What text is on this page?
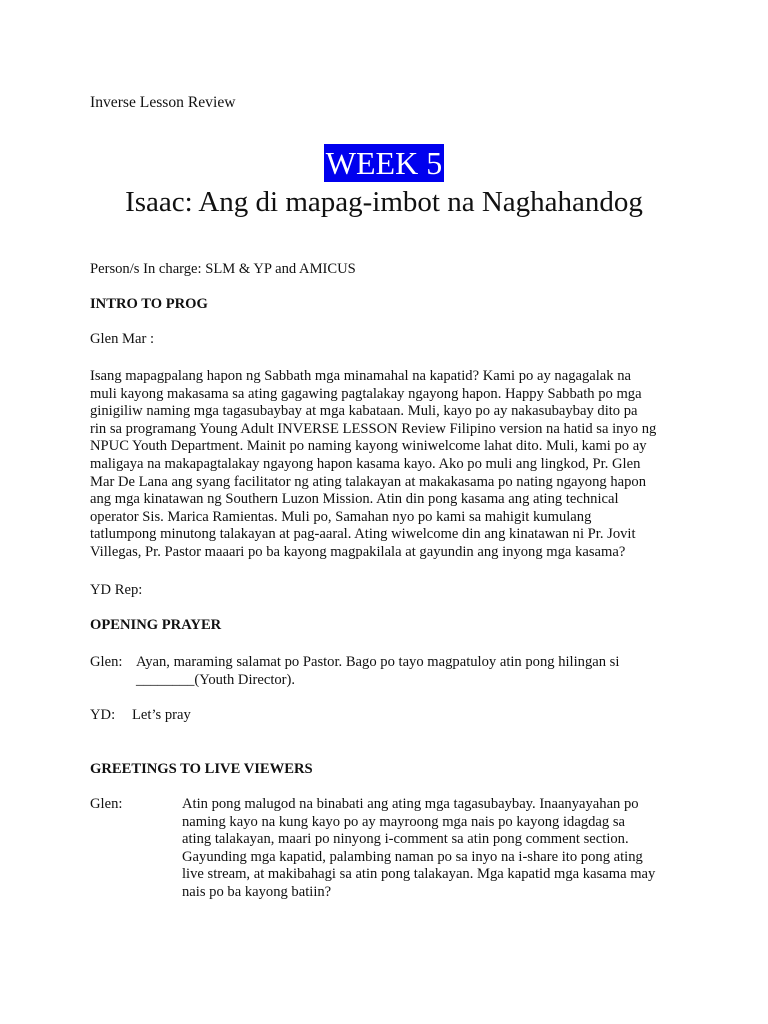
Inverse Lesson Review
WEEK 5
Isaac: Ang di mapag-imbot na Naghahandog
Person/s In charge: SLM & YP and AMICUS
INTRO TO PROG
Glen Mar :
Isang mapagpalang hapon ng Sabbath mga minamahal na kapatid? Kami po ay nagagalak na
muli kayong makasama sa ating gagawing pagtalakay ngayong hapon. Happy Sabbath po mga
ginigiliw naming mga tagasubaybay at mga kabataan. Muli, kayo po ay nakasubaybay dito pa
rin sa programang Young Adult INVERSE LESSON Review Filipino version na hatid sa inyo ng
NPUC Youth Department. Mainit po naming kayong winiwelcome lahat dito. Muli, kami po ay
maligaya na makapagtalakay ngayong hapon kasama kayo. Ako po muli ang lingkod, Pr. Glen
Mar De Lana ang syang facilitator ng ating talakayan at makakasama po nating ngayong hapon
ang mga kinatawan ng Southern Luzon Mission. Atin din pong kasama ang ating technical
operator Sis. Marica Ramientas. Muli po, Samahan nyo po kami sa mahigit kumulang
tatlumpong minutong talakayan at pag-aaral. Ating wiwelcome din ang kinatawan ni Pr. Jovit
Villegas, Pr. Pastor maaari po ba kayong magpakilala at gayundin ang inyong mga kasama?
YD Rep:
OPENING PRAYER
Glen: Ayan, maraming salamat po Pastor. Bago po tayo magpatuloy atin pong hilingan si
________(Youth Director).
YD: Let’s pray
GREETINGS TO LIVE VIEWERS
Glen:	Atin pong malugod na binabati ang ating mga tagasubaybay. Inaanyayahan po
naming kayo na kung kayo po ay mayroong mga nais po kayong idagdag sa
ating talakayan, maari po ninyong i-comment sa atin pong comment section.
Gayunding mga kapatid, palambing naman po sa inyo na i-share ito pong ating
live stream, at makibahagi sa atin pong talakayan. Mga kapatid mga kasama may
nais po ba kayong batiin?
